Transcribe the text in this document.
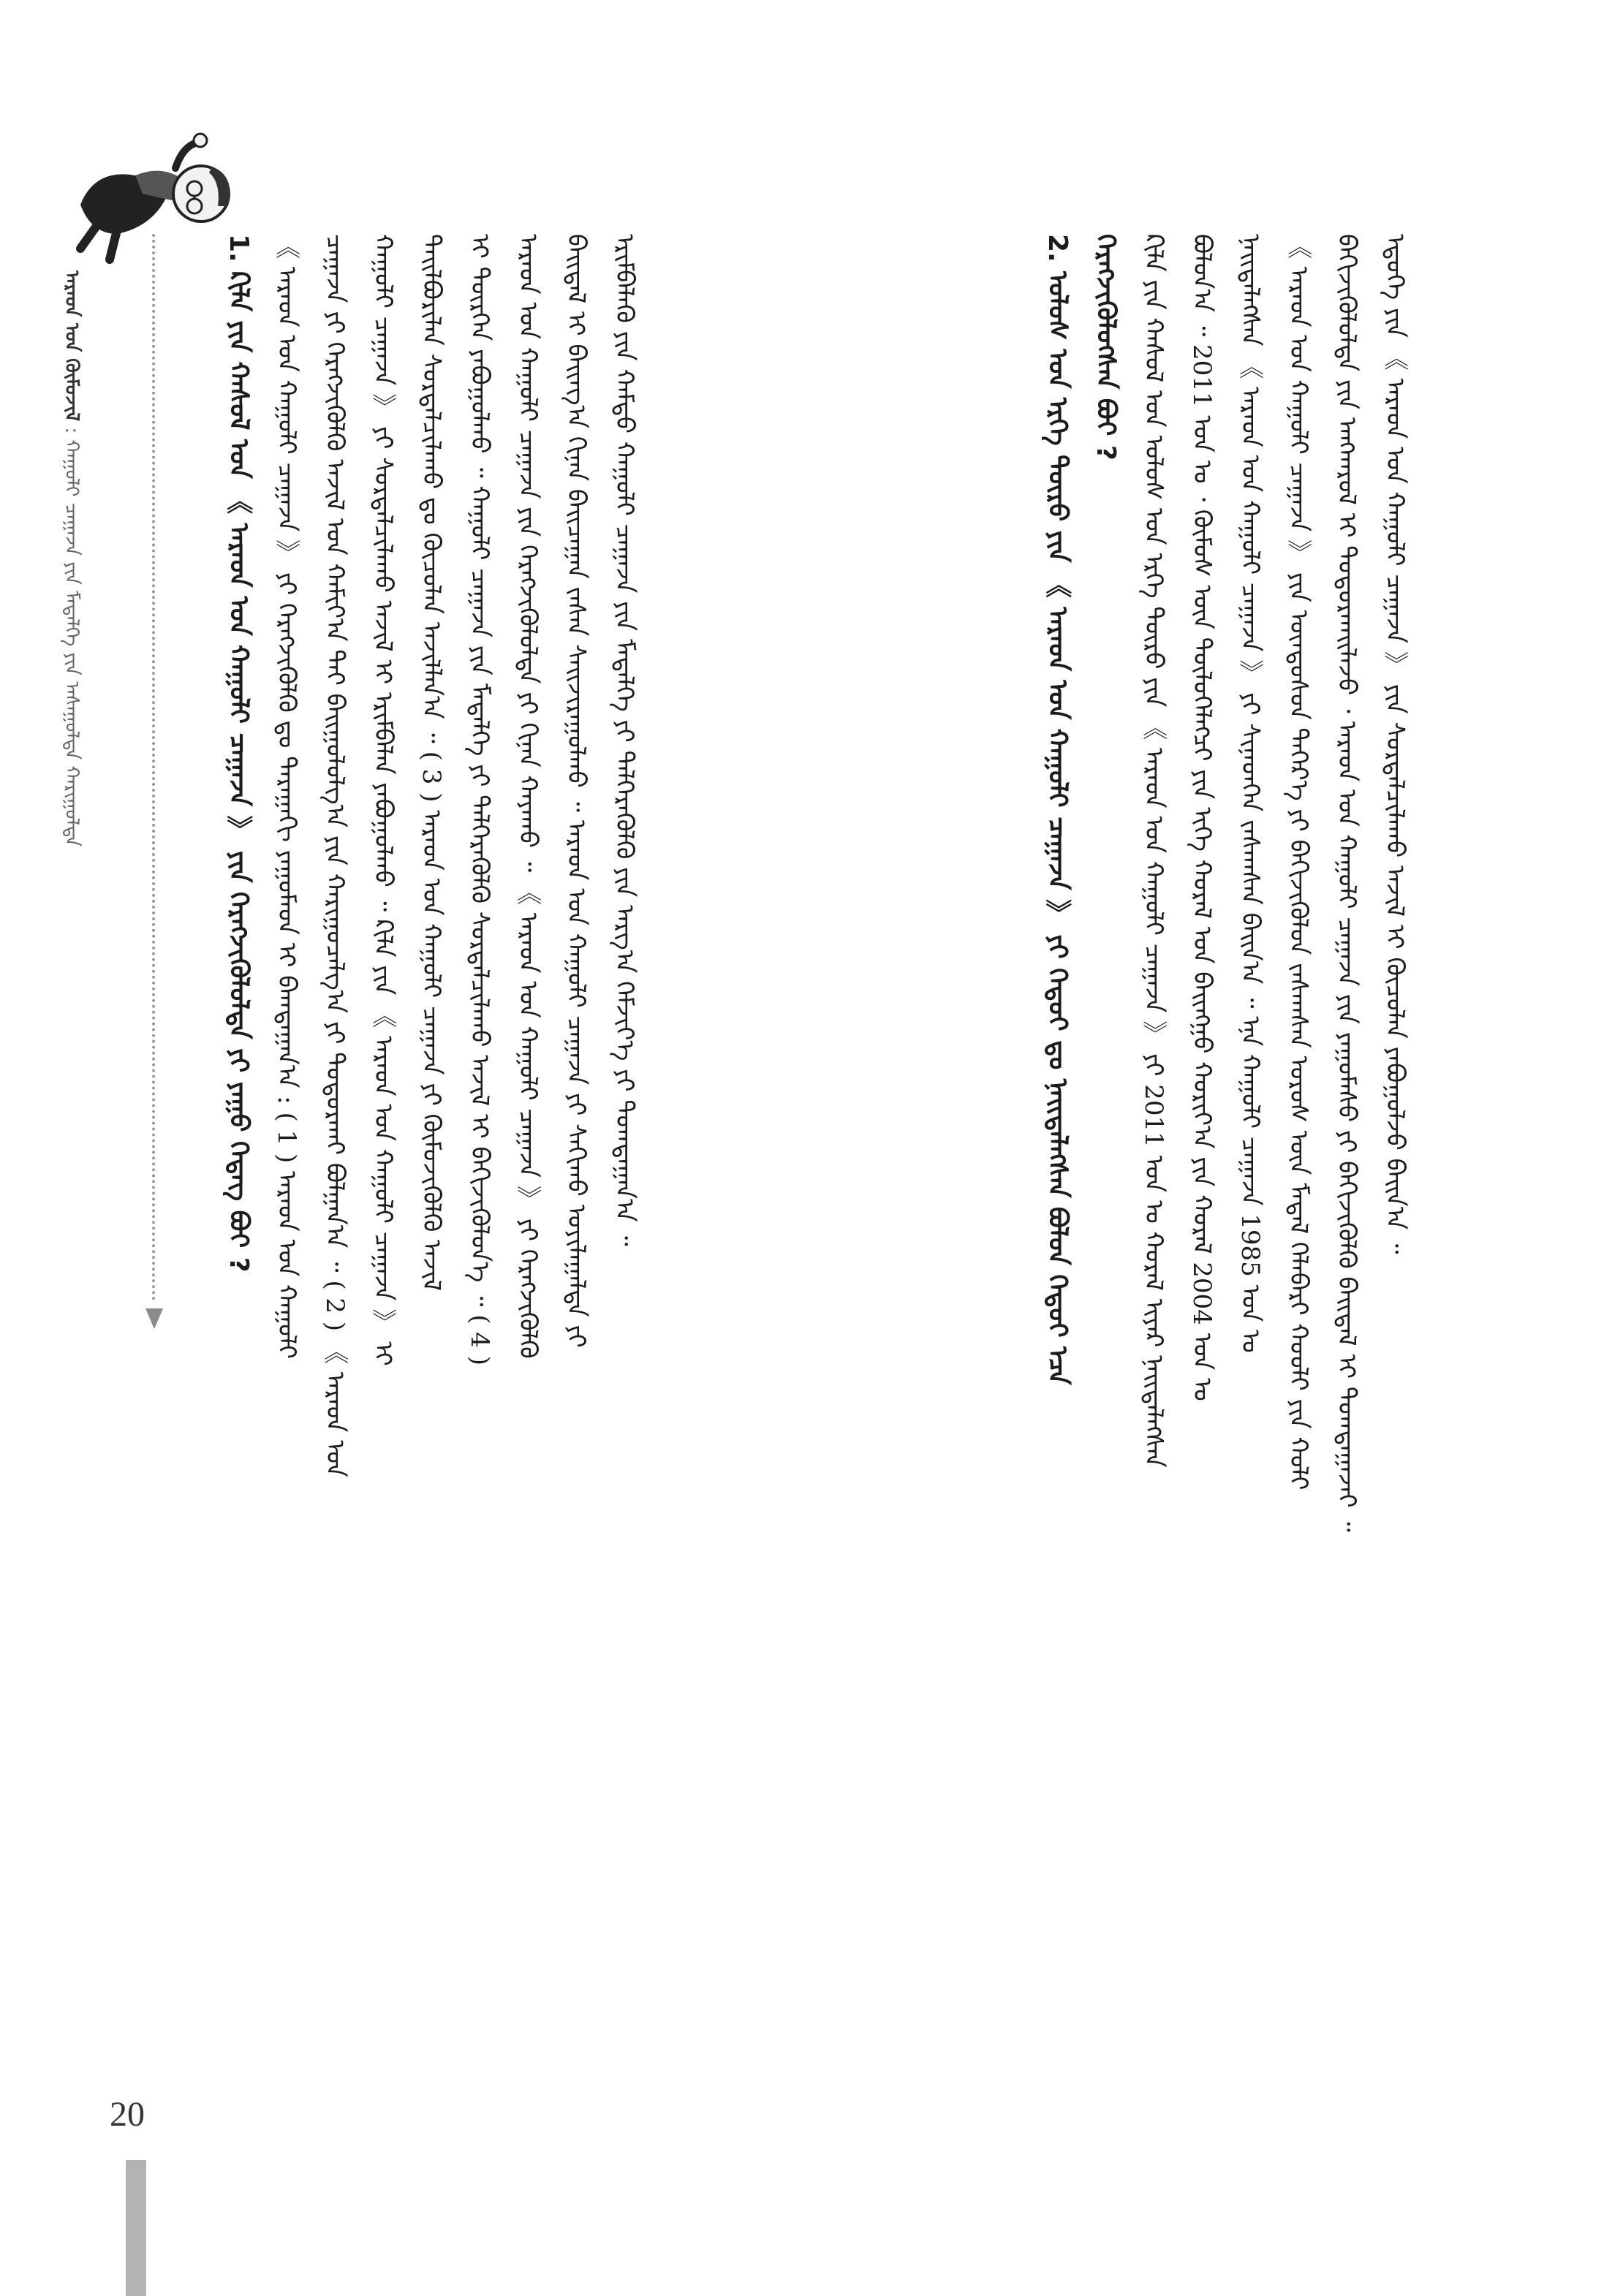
ᠠᠷᠠᠳ ᠤᠨ ᠬᠦᠮᠦᠵᠢᠯ : ᠬᠠᠭᠤᠯᠢ ᠴᠠᠭᠠᠵᠠ ᠶᠢᠨ ᠮᠡᠳᠡᠯᠭᠡ ᠶᠢᠨ ᠠᠰᠠᠭᠤᠯᠲᠠ ᠬᠠᠷᠢᠭᠤᠯᠲᠠ	1. ᠺᠢᠯᠠ ᠶᠢᠨ ᠬᠠᠰᠤᠯ ᠤᠨ 《 ᠠᠷᠠᠳ ᠤᠨ ᠬᠠᠭᠤᠯᠢ ᠴᠠᠭᠠᠵᠠ 》 ᠶᠢᠨ ᠬᠡᠷᠡᠭᠵᠢᠭᠦᠯᠦᠯᠲᠡ ᠶᠢ ᠶᠠᠭᠤ ᠭᠡᠳᠡᠭ ᠪᠤᠢ ? 《 ᠠᠷᠠᠳ ᠤᠨ ᠬᠠᠭᠤᠯᠢ ᠴᠠᠭᠠᠵᠠ 》 ᠶᠢ ᠬᠡᠷᠡᠭᠵᠢᠭᠦᠯᠬᠦ ᠳᠤ ᠳᠠᠷᠠᠭᠠᠬᠢ ᠶᠠᠭᠤᠮᠠᠳ ᠢ ᠪᠠᠭᠲᠠᠭᠠᠨ᠎ᠠ : ( 1 ) ᠠᠷᠠᠳ ᠤᠨ ᠬᠠᠭᠤᠯᠢ ᠴᠠᠭᠠᠵᠠ ᠶᠢ ᠬᠡᠷᠡᠭᠵᠢᠭᠦᠯᠬᠦ ᠠᠵᠢᠯ ᠤᠨ ᠬᠠᠮᠢᠶ᠎ᠠ ᠲᠠᠢ ᠪᠠᠢᠭᠤᠯᠤᠯᠭ᠎ᠠ ᠶᠢᠨ ᠬᠠᠷᠢᠭᠤᠴᠠᠯᠭ᠎ᠠ ᠶᠢ ᠲᠣᠳᠤᠷᠬᠠᠢ ᠪᠣᠯᠭᠠᠨ᠎ᠠ ᠃ ( 2 ) 《 ᠠᠷᠠᠳ ᠤᠨ ᠬᠠᠭᠤᠯᠢ ᠴᠠᠭᠠᠵᠠ 》 ᠶᠢ ᠰᠤᠷᠲᠠᠯᠴᠢᠯᠠᠬᠤ ᠠᠵᠢᠯ ᠢ ᠡᠷᠢᠮᠪᠡᠯᠡᠨ ᠶᠠᠪᠤᠭᠤᠯᠬᠤ ᠃ ᠺᠢᠯᠠ ᠶᠢᠨ 《 ᠠᠷᠠᠳ ᠤᠨ ᠬᠠᠭᠤᠯᠢ ᠴᠠᠭᠠᠵᠠ 》 ᠢ ᠲᠠᠢᠯᠪᠤᠷᠢᠯᠠᠨ ᠰᠤᠷᠲᠠᠯᠴᠢᠯᠠᠬᠤ ᠳᠤ ᠬᠦᠴᠦᠯᠡᠨ ᠠᠵᠢᠯᠯᠠᠨ᠎ᠠ ᠃ ( 3 ) ᠠᠷᠠᠳ ᠤᠨ ᠬᠠᠭᠤᠯᠢ ᠴᠠᠭᠠᠵᠠ ᠶᠢ ᠬᠦᠮᠦᠵᠢᠭᠦᠯᠬᠦ ᠠᠵᠢᠯ ᠢ ᠲᠦᠷᠭᠡᠨ ᠶᠠᠪᠤᠭᠤᠯᠬᠤ ᠃ ᠬᠠᠭᠤᠯᠢ ᠴᠠᠭᠠᠵᠠ ᠶᠢᠨ ᠮᠡᠳᠡᠯᠭᠡ ᠶᠢ ᠳᠡᠯᠭᠡᠷᠡᠭᠦᠯᠬᠦ ᠰᠤᠷᠲᠠᠯᠴᠢᠯᠠᠬᠤ ᠠᠵᠢᠯ ᠢ ᠪᠡᠬᠢᠵᠢᠭᠦᠯᠦᠨ᠎ᠡ ᠃ ( 4 ) ᠠᠷᠠᠳ ᠤᠨ ᠬᠠᠭᠤᠯᠢ ᠴᠠᠭᠠᠵᠠ ᠶᠢᠨ ᠬᠡᠷᠡᠭᠵᠢᠭᠦᠯᠦᠯᠲᠡ ᠶᠢ ᠬᠢᠨᠠᠨ ᠬᠠᠶᠠᠬᠤ ᠃ 《 ᠠᠷᠠᠳ ᠤᠨ ᠬᠠᠭᠤᠯᠢ ᠴᠠᠭᠠᠵᠠ 》 ᠶᠢ ᠬᠡᠷᠡᠭᠵᠢᠭᠦᠯᠬᠦ ᠪᠠᠢᠳᠠᠯ ᠢ ᠪᠠᠢᠨᠭ᠎ᠠ ᠬᠢᠨᠠᠨ ᠪᠠᠢᠴᠠᠭᠠᠨ ᠵᠠᠰᠠᠨ ᠰᠠᠢᠵᠢᠷᠠᠭᠤᠯᠬᠤ ᠃ ᠠᠷᠠᠳ ᠤᠨ ᠬᠠᠭᠤᠯᠢ ᠴᠠᠭᠠᠵᠠ ᠶᠢ ᠰᠠᠬᠢᠬᠤ ᠣᠶᠢᠯᠠᠭᠠᠯᠲᠠ ᠶᠢ ᠡᠷᠢᠮᠪᠡᠯᠡᠬᠦ ᠶᠢᠨ ᠬᠠᠮᠲᠤ ᠬᠠᠭᠤᠯᠢ ᠴᠠᠭᠠᠵᠠ ᠶᠢᠨ ᠮᠡᠳᠡᠯᠭᠡ ᠶᠢ ᠳᠡᠯᠭᠡᠷᠡᠭᠦᠯᠬᠦ ᠶᠢᠨ ᠠᠷᠭ᠎ᠠ ᠬᠡᠮᠵᠢᠶ᠎ᠡ ᠶᠢ ᠲᠣᠭᠲᠠᠭᠠᠨ᠎ᠠ ᠃	2. ᠤᠯᠤᠰ ᠤᠨ ᠡᠷᠬᠡ ᠲᠦᠷᠦ ᠶᠢᠨ 《 ᠠᠷᠠᠳ ᠤᠨ ᠬᠠᠭᠤᠯᠢ ᠴᠠᠭᠠᠵᠠ 》 ᠶᠢ ᠬᠡᠳᠦᠢ ᠳᠤ ᠨᠡᠢᠲᠡᠯᠡᠭᠰᠡᠨ ᠪᠣᠯᠣᠨ ᠬᠡᠳᠦᠢ ᠡᠴᠡ ᠬᠡᠷᠡᠭᠵᠢᠭᠦᠯᠦᠭᠰᠡᠨ ᠪᠤᠢ ? ᠺᠢᠯᠠ ᠶᠢᠨ ᠬᠠᠰᠤᠯ ᠤᠨ ᠤᠯᠤᠰ ᠤᠨ ᠡᠷᠬᠡ ᠲᠦᠷᠦ ᠶᠢᠨ 《 ᠠᠷᠠᠳ ᠤᠨ ᠬᠠᠭᠤᠯᠢ ᠴᠠᠭᠠᠵᠠ 》 ᠶᠢ 2011 ᠣᠨ ᠤ ᠬᠤᠷᠠᠯ ᠢᠶᠠᠷ ᠨᠡᠢᠲᠡᠯᠡᠭᠰᠡᠨ ᠪᠣᠯᠣᠨ᠎ᠠ ᠃ 2011 ᠣᠨ ᠤ ᠂ ᠬᠦᠮᠦᠰ ᠦᠨ ᠲᠥᠯᠦᠭᠡᠯᠡᠭᠴᠢ ᠶᠢᠨ ᠢᠬᠡ ᠬᠤᠷᠠᠯ ᠤᠨ ᠪᠠᠢᠩᠭᠤ ᠬᠣᠷᠢᠶ᠎ᠠ ᠶᠢᠨ ᠬᠤᠷᠠᠯ 2004 ᠣᠨ ᠤ ᠨᠡᠢᠲᠡᠯᠡᠭᠰᠡᠨ 《 ᠠᠷᠠᠳ ᠤᠨ ᠬᠠᠭᠤᠯᠢ ᠴᠠᠭᠠᠵᠠ 》 ᠶᠢ ᠰᠢᠨᠡᠳᠬᠡᠨ ᠵᠠᠰᠠᠭᠰᠠᠨ ᠪᠠᠢᠨ᠎ᠠ ᠃ ᠡᠨᠡ ᠬᠠᠭᠤᠯᠢ ᠴᠠᠭᠠᠵᠠ 1985 ᠣᠨ ᠤ 《 ᠠᠷᠠᠳ ᠤᠨ ᠬᠠᠭᠤᠯᠢ ᠴᠠᠭᠠᠵᠠ 》 ᠶᠢᠨ ᠦᠨᠳᠦᠰᠦᠨ ᠳᠡᠭᠡᠷ᠎ᠡ ᠶᠢ ᠪᠡᠬᠢᠵᠢᠭᠦᠯᠦᠨ ᠵᠠᠰᠠᠭᠰᠠᠨ ᠣᠷᠣᠰ ᠦᠨ ᠮᠡᠳᠡᠯ ᠬᠡᠯᠡᠪᠡᠷᠢ ᠬᠤᠤᠯᠢ ᠶᠢᠨ ᠬᠤᠯᠢ ᠪᠡᠬᠢᠵᠢᠭᠦᠯᠦᠯᠲᠡ ᠶᠢᠨ ᠠᠩᠬᠠᠷᠤᠯ ᠢ ᠲᠣᠳᠤᠷᠬᠠᠢᠯᠠᠵᠤ ᠂ ᠠᠷᠠᠳ ᠤᠨ ᠬᠠᠭᠤᠯᠢ ᠴᠠᠭᠠᠵᠠ ᠶᠢᠨ ᠶᠠᠭᠤᠮᠠᠰᠤ ᠶᠢ ᠪᠡᠬᠢᠵᠢᠭᠦᠯᠬᠦ ᠪᠠᠢᠳᠠᠯ ᠢ ᠲᠣᠭᠲᠠᠭᠠᠵᠠᠢ ᠃ ᠡᠳᠦᠭᠡ ᠶᠢᠨ 《 ᠠᠷᠠᠳ ᠤᠨ ᠬᠠᠭᠤᠯᠢ ᠴᠠᠭᠠᠵᠠ 》 ᠶᠢᠨ ᠰᠤᠷᠲᠠᠯᠴᠢᠯᠠᠬᠤ ᠠᠵᠢᠯ ᠢ ᠬᠦᠴᠦᠯᠡᠨ ᠶᠠᠪᠤᠭᠤᠯᠵᠤ ᠪᠠᠢᠨ᠎ᠠ ᠃
20
